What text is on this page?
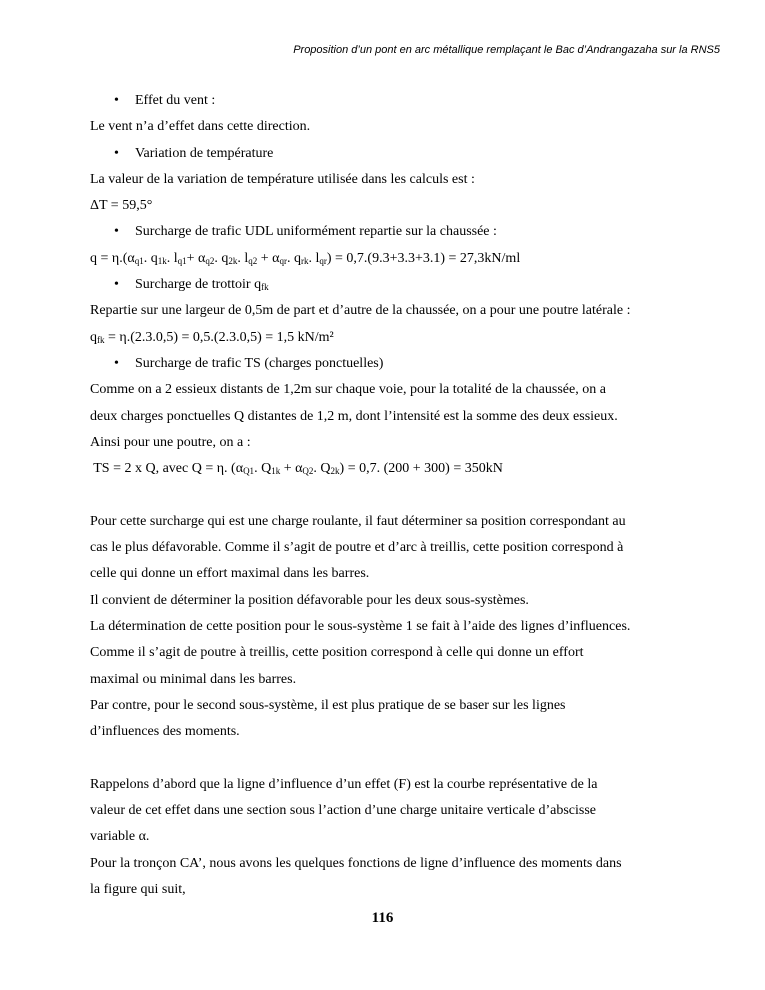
Proposition d’un pont en arc métallique remplaçant le Bac d’Andrangazaha sur la RNS5
• Effet du vent :
Le vent n’a d’effet dans cette direction.
• Variation de température
La valeur de la variation de température utilisée dans les calculs est :
ΔT = 59,5°
• Surcharge de trafic UDL uniformément repartie sur la chaussée :
$q = \eta.(\alpha_{q1}$. $q_{1k}$. $l_{q1}+ \alpha_{q2}$. $q_{2k}$. $l_{q2} + \alpha_{qr}$. $q_{rk}$. $l_{qr}) = 0,7.(9.3+3.3+3.1) = 27,3kN/ml$
• Surcharge de trottoir $q_{fk}$
Repartie sur une largeur de 0,5m de part et d’autre de la chaussée, on a pour une poutre latérale :
$q_{fk} = \eta.(2.3.0,5) = 0,5.(2.3.0,5) = 1,5$ kN/m²
• Surcharge de trafic TS (charges ponctuelles)
Comme on a 2 essieux distants de 1,2m sur chaque voie, pour la totalité de la chaussée, on a
deux charges ponctuelles Q distantes de 1,2 m, dont l’intensité est la somme des deux essieux.
Ainsi pour une poutre, on a :
TS = 2 x Q, avec Q = η. ($\alpha_{Q1}$. $Q_{1k} + \alpha_{Q2}$. $Q_{2k}) = 0,7$. (200 + 300) = 350kN
Pour cette surcharge qui est une charge roulante, il faut déterminer sa position correspondant au
cas le plus défavorable. Comme il s’agit de poutre et d’arc à treillis, cette position correspond à
celle qui donne un effort maximal dans les barres.
Il convient de déterminer la position défavorable pour les deux sous-systèmes.
La détermination de cette position pour le sous-système 1 se fait à l’aide des lignes d’influences.
Comme il s’agit de poutre à treillis, cette position correspond à celle qui donne un effort
maximal ou minimal dans les barres.
Par contre, pour le second sous-système, il est plus pratique de se baser sur les lignes
d’influences des moments.
Rappelons d’abord que la ligne d’influence d’un effet (F) est la courbe représentative de la
valeur de cet effet dans une section sous l’action d’une charge unitaire verticale d’abscisse
variable α.
Pour la tronçon CA’, nous avons les quelques fonctions de ligne d’influence des moments dans
la figure qui suit,
116
